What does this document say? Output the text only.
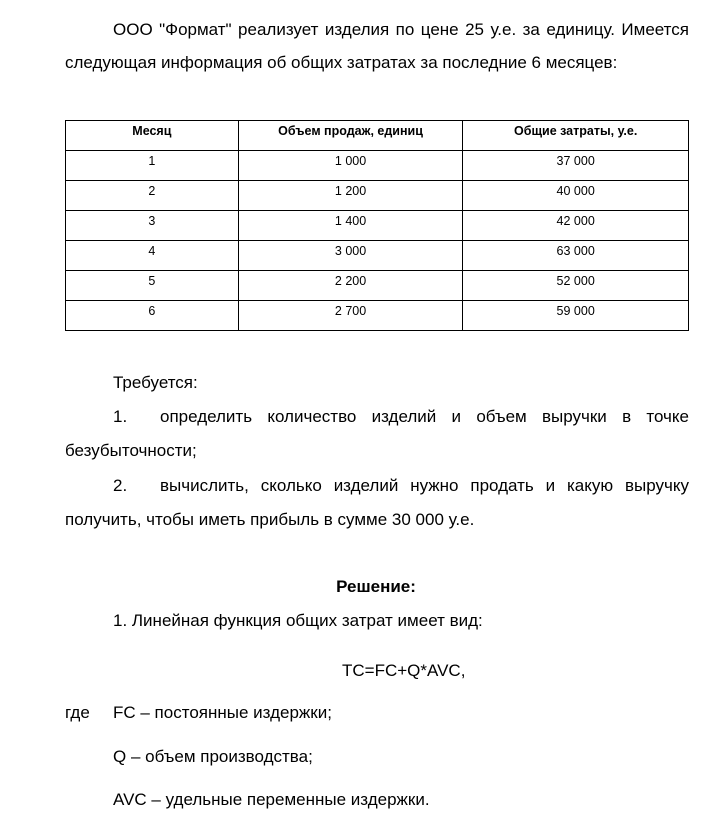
ООО "Формат" реализует изделия по цене 25 у.е. за единицу. Имеется
следующая информация об общих затратах за последние 6 месяцев:
Месяц	Объем продаж, единиц	Общие затраты, у.е.
1	1 000	37 000
2	1 200	40 000
3	1 400	42 000
4	3 000	63 000
5	2 200	52 000
6	2 700	59 000
Требуется:
1. определить количество изделий и объем выручки в точке
безубыточности;
2. вычислить, сколько изделий нужно продать и какую выручку
получить, чтобы иметь прибыль в сумме 30 000 у.е.
Решение:
1. Линейная функция общих затрат имеет вид:
TC=FC+Q*AVC,
где FC – постоянные издержки;
Q – объем производства;
AVC – удельные переменные издержки.
